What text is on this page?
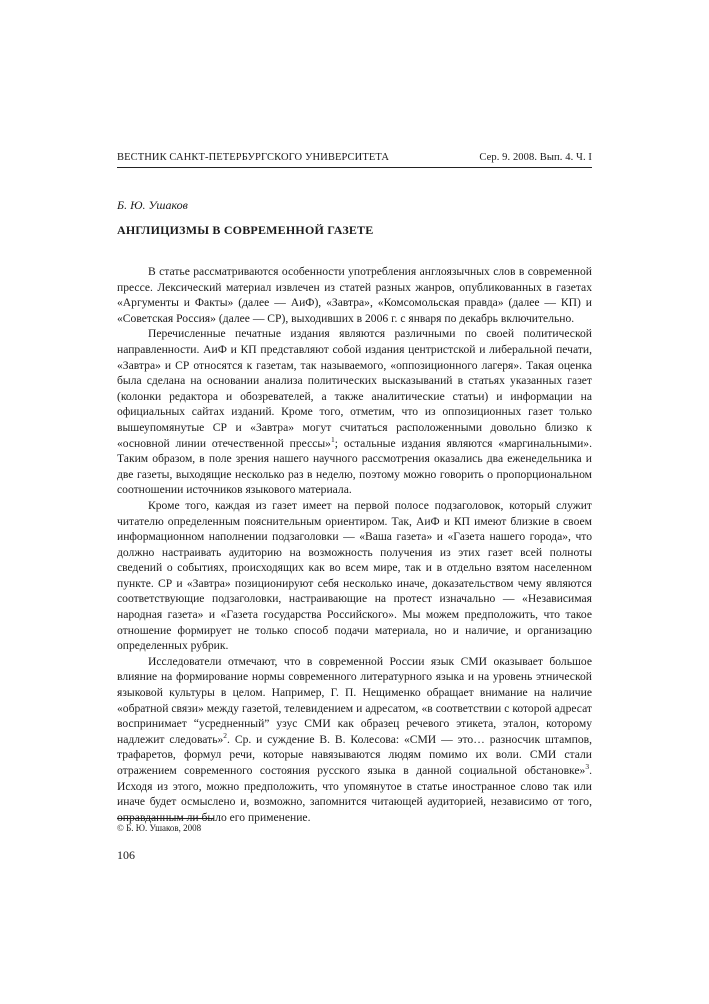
ВЕСТНИК САНКТ-ПЕТЕРБУРГСКОГО УНИВЕРСИТЕТА	Сер. 9. 2008. Вып. 4. Ч. I
Б. Ю. Ушаков
АНГЛИЦИЗМЫ В СОВРЕМЕННОЙ ГАЗЕТЕ

В статье рассматриваются особенности употребления англоязычных слов в современной прессе. Лексический материал извлечен из статей разных жанров, опубликованных в газетах «Аргументы и Факты» (далее — АиФ), «Завтра», «Комсомольская правда» (далее — КП) и «Советская Россия» (далее — СР), выходивших в 2006 г. с января по декабрь включительно.

Перечисленные печатные издания являются различными по своей политической направленности. АиФ и КП представляют собой издания центристской и либеральной печати, «Завтра» и СР относятся к газетам, так называемого, «оппозиционного лагеря». Такая оценка была сделана на основании анализа политических высказываний в статьях указанных газет (колонки редактора и обозревателей, а также аналитические статьи) и информации на официальных сайтах изданий. Кроме того, отметим, что из оппозиционных газет только вышеупомянутые СР и «Завтра» могут считаться расположенными довольно близко к «основной линии отечественной прессы»$^1$; остальные издания являются «маргинальными». Таким образом, в поле зрения нашего научного рассмотрения оказались два еженедельника и две газеты, выходящие несколько раз в неделю, поэтому можно говорить о пропорциональном соотношении источников языкового материала.

Кроме того, каждая из газет имеет на первой полосе подзаголовок, который служит читателю определенным пояснительным ориентиром. Так, АиФ и КП имеют близкие в своем информационном наполнении подзаголовки — «Ваша газета» и «Газета нашего города», что должно настраивать аудиторию на возможность получения из этих газет всей полноты сведений о событиях, происходящих как во всем мире, так и в отдельно взятом населенном пункте. СР и «Завтра» позиционируют себя несколько иначе, доказательством чему являются соответствующие подзаголовки, настраивающие на протест изначально — «Независимая народная газета» и «Газета государства Российского». Мы можем предположить, что такое отношение формирует не только способ подачи материала, но и наличие, и организацию определенных рубрик.

Исследователи отмечают, что в современной России язык СМИ оказывает большое влияние на формирование нормы современного литературного языка и на уровень этнической языковой культуры в целом. Например, Г. П. Нещименко обращает внимание на наличие «обратной связи» между газетой, телевидением и адресатом, «в соответствии с которой адресат воспринимает “усредненный” узус СМИ как образец речевого этикета, эталон, которому надлежит следовать»$^2$. Ср. и суждение В. В. Колесова: «СМИ — это… разносчик штампов, трафаретов, формул речи, которые навязываются людям помимо их воли. СМИ стали отражением современного состояния русского языка в данной социальной обстановке»$^3$. Исходя из этого, можно предположить, что упомянутое в статье иностранное слово так или иначе будет осмыслено и, возможно, запомнится читающей аудиторией, независимо от того, оправданным ли было его применение.

© Б. Ю. Ушаков, 2008
106
